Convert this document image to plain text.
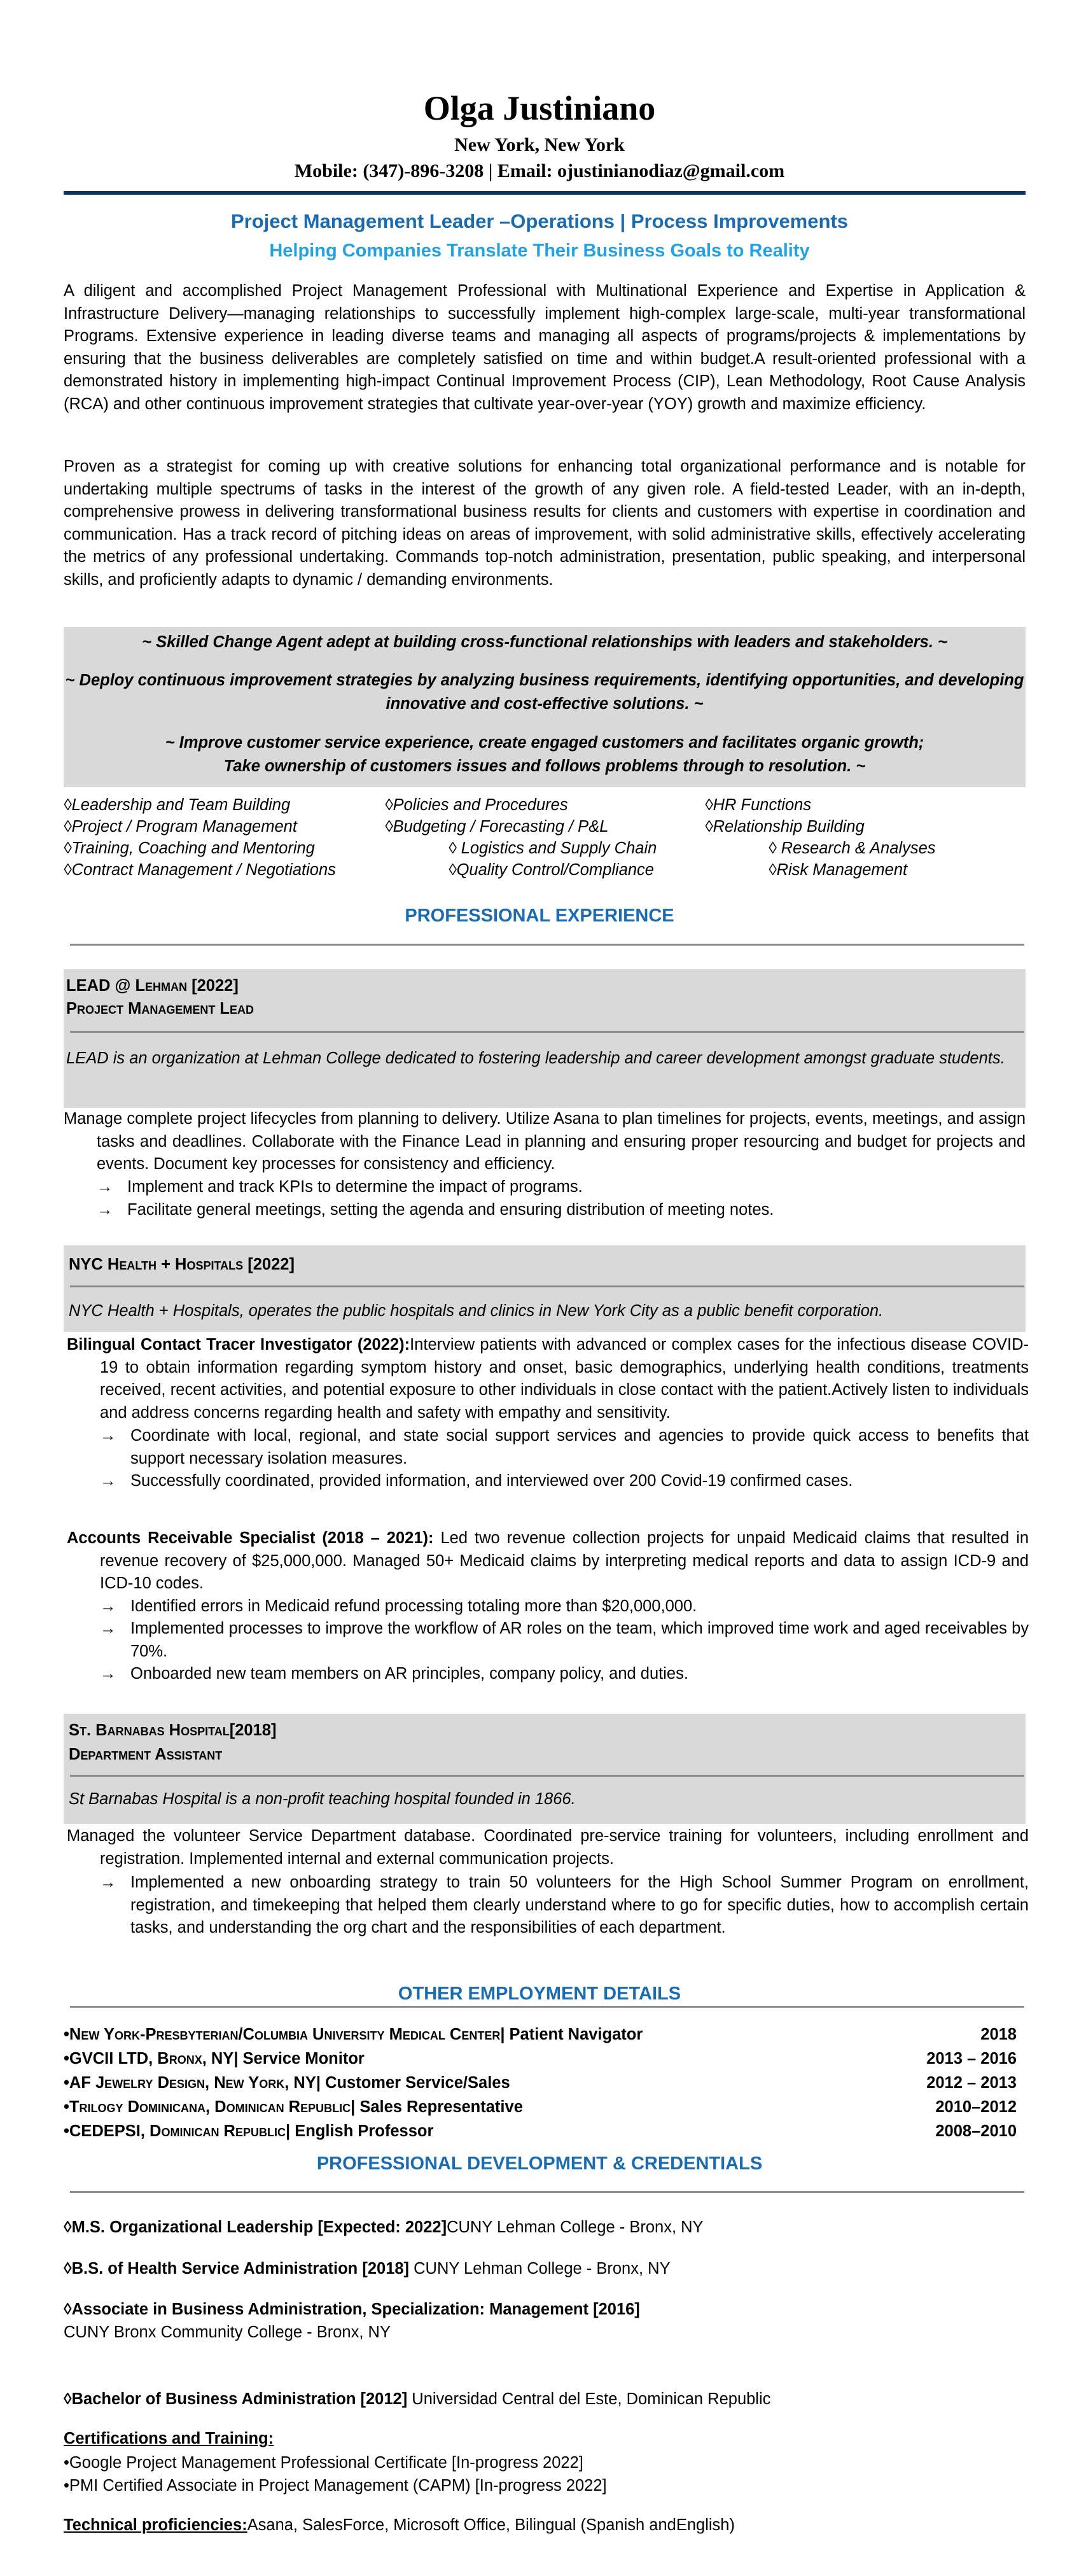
Olga Justiniano
New York, New York
Mobile: (347)-896-3208 | Email: ojustinianodiaz@gmail.com
Project Management Leader –Operations | Process Improvements
Helping Companies Translate Their Business Goals to Reality
A diligent and accomplished Project Management Professional with Multinational Experience and Expertise in Application & Infrastructure Delivery—managing relationships to successfully implement high-complex large-scale, multi-year transformational Programs. Extensive experience in leading diverse teams and managing all aspects of programs/projects & implementations by ensuring that the business deliverables are completely satisfied on time and within budget.A result-oriented professional with a demonstrated history in implementing high-impact Continual Improvement Process (CIP), Lean Methodology, Root Cause Analysis (RCA) and other continuous improvement strategies that cultivate year-over-year (YOY) growth and maximize efficiency.
Proven as a strategist for coming up with creative solutions for enhancing total organizational performance and is notable for undertaking multiple spectrums of tasks in the interest of the growth of any given role. A field-tested Leader, with an in-depth, comprehensive prowess in delivering transformational business results for clients and customers with expertise in coordination and communication. Has a track record of pitching ideas on areas of improvement, with solid administrative skills, effectively accelerating the metrics of any professional undertaking. Commands top-notch administration, presentation, public speaking, and interpersonal skills, and proficiently adapts to dynamic / demanding environments.
~ Skilled Change Agent adept at building cross-functional relationships with leaders and stakeholders. ~
~ Deploy continuous improvement strategies by analyzing business requirements, identifying opportunities, and developing innovative and cost-effective solutions. ~
~ Improve customer service experience, create engaged customers and facilitates organic growth;
Take ownership of customers issues and follows problems through to resolution. ~
◊Leadership and Team Building	◊Policies and Procedures	◊HR Functions
◊Project / Program Management	◊Budgeting / Forecasting / P&L	◊Relationship Building
◊Training, Coaching and Mentoring	◊ Logistics and Supply Chain	◊ Research & Analyses
◊Contract Management / Negotiations	◊Quality Control/Compliance	◊Risk Management
PROFESSIONAL EXPERIENCE
LEAD @ Lehman [2022]
Project Management Lead
LEAD is an organization at Lehman College dedicated to fostering leadership and career development amongst graduate students.
Manage complete project lifecycles from planning to delivery. Utilize Asana to plan timelines for projects, events, meetings, and assign tasks and deadlines. Collaborate with the Finance Lead in planning and ensuring proper resourcing and budget for projects and events. Document key processes for consistency and efficiency.
→ Implement and track KPIs to determine the impact of programs.
→ Facilitate general meetings, setting the agenda and ensuring distribution of meeting notes.
NYC Health + Hospitals [2022]
NYC Health + Hospitals, operates the public hospitals and clinics in New York City as a public benefit corporation.
Bilingual Contact Tracer Investigator (2022):Interview patients with advanced or complex cases for the infectious disease COVID-19 to obtain information regarding symptom history and onset, basic demographics, underlying health conditions, treatments received, recent activities, and potential exposure to other individuals in close contact with the patient.Actively listen to individuals and address concerns regarding health and safety with empathy and sensitivity.
→ Coordinate with local, regional, and state social support services and agencies to provide quick access to benefits that support necessary isolation measures.
→ Successfully coordinated, provided information, and interviewed over 200 Covid-19 confirmed cases.
Accounts Receivable Specialist (2018 – 2021): Led two revenue collection projects for unpaid Medicaid claims that resulted in revenue recovery of $25,000,000. Managed 50+ Medicaid claims by interpreting medical reports and data to assign ICD-9 and ICD-10 codes.
→ Identified errors in Medicaid refund processing totaling more than $20,000,000.
→ Implemented processes to improve the workflow of AR roles on the team, which improved time work and aged receivables by 70%.
→ Onboarded new team members on AR principles, company policy, and duties.
St. Barnabas Hospital[2018]
Department Assistant
St Barnabas Hospital is a non-profit teaching hospital founded in 1866.
Managed the volunteer Service Department database. Coordinated pre-service training for volunteers, including enrollment and registration. Implemented internal and external communication projects.
→ Implemented a new onboarding strategy to train 50 volunteers for the High School Summer Program on enrollment, registration, and timekeeping that helped them clearly understand where to go for specific duties, how to accomplish certain tasks, and understanding the org chart and the responsibilities of each department.
OTHER EMPLOYMENT DETAILS
•New York-Presbyterian/Columbia University Medical Center| Patient Navigator	2018
•GVCII LTD, Bronx, NY| Service Monitor	2013 – 2016
•AF Jewelry Design, New York, NY| Customer Service/Sales	2012 – 2013
•Trilogy Dominicana, Dominican Republic| Sales Representative	2010–2012
•CEDEPSI, Dominican Republic| English Professor	2008–2010
PROFESSIONAL DEVELOPMENT & CREDENTIALS
◊M.S. Organizational Leadership [Expected: 2022]CUNY Lehman College - Bronx, NY
◊B.S. of Health Service Administration [2018] CUNY Lehman College - Bronx, NY
◊Associate in Business Administration, Specialization: Management [2016]
CUNY Bronx Community College - Bronx, NY
◊Bachelor of Business Administration [2012] Universidad Central del Este, Dominican Republic
Certifications and Training:
•Google Project Management Professional Certificate [In-progress 2022]
•PMI Certified Associate in Project Management (CAPM) [In-progress 2022]
Technical proficiencies:Asana, SalesForce, Microsoft Office, Bilingual (Spanish andEnglish)
